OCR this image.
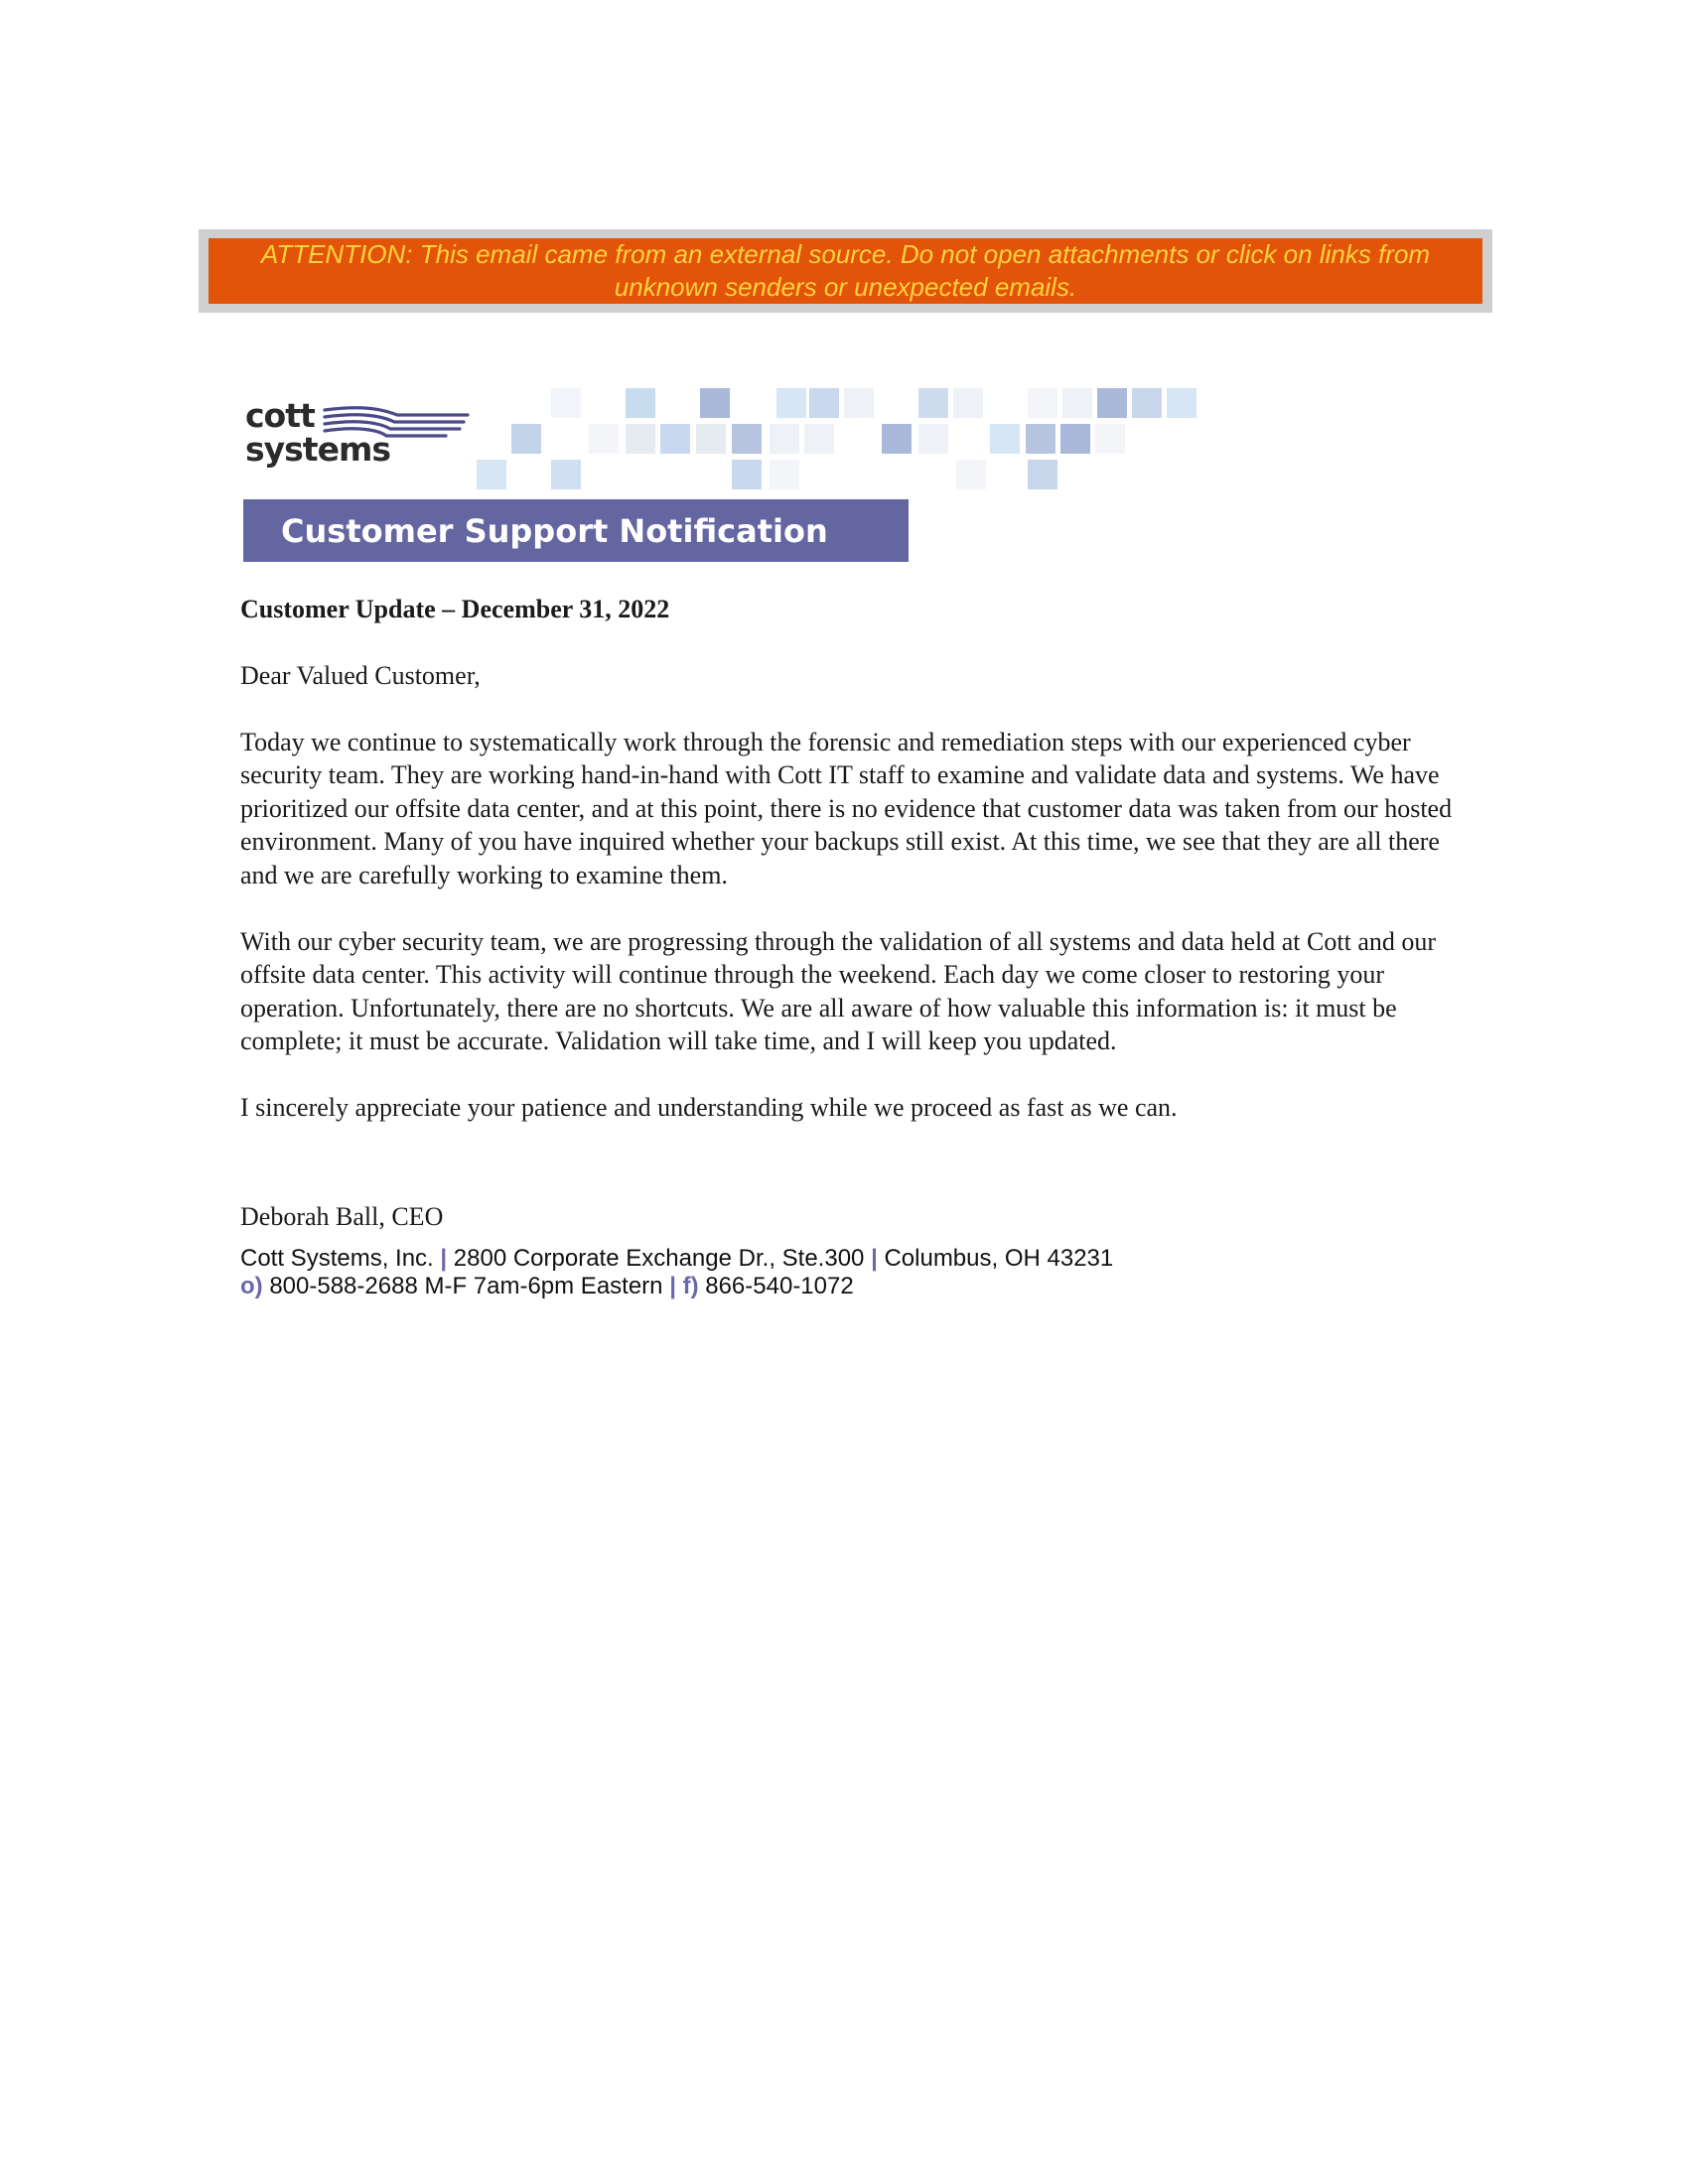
ATTENTION: This email came from an external source. Do not open attachments or click on links from unknown senders or unexpected emails.
cott
systems
Customer Support Notification

Customer Update – December 31, 2022

Dear Valued Customer,

Today we continue to systematically work through the forensic and remediation steps with our experienced cyber security team. They are working hand-in-hand with Cott IT staff to examine and validate data and systems. We have prioritized our offsite data center, and at this point, there is no evidence that customer data was taken from our hosted environment. Many of you have inquired whether your backups still exist. At this time, we see that they are all there and we are carefully working to examine them.

With our cyber security team, we are progressing through the validation of all systems and data held at Cott and our offsite data center. This activity will continue through the weekend. Each day we come closer to restoring your operation. Unfortunately, there are no shortcuts. We are all aware of how valuable this information is: it must be complete; it must be accurate. Validation will take time, and I will keep you updated.

I sincerely appreciate your patience and understanding while we proceed as fast as we can.

Deborah Ball, CEO

Cott Systems, Inc. | 2800 Corporate Exchange Dr., Ste.300 | Columbus, OH 43231
o) 800-588-2688 M-F 7am-6pm Eastern | f) 866-540-1072
